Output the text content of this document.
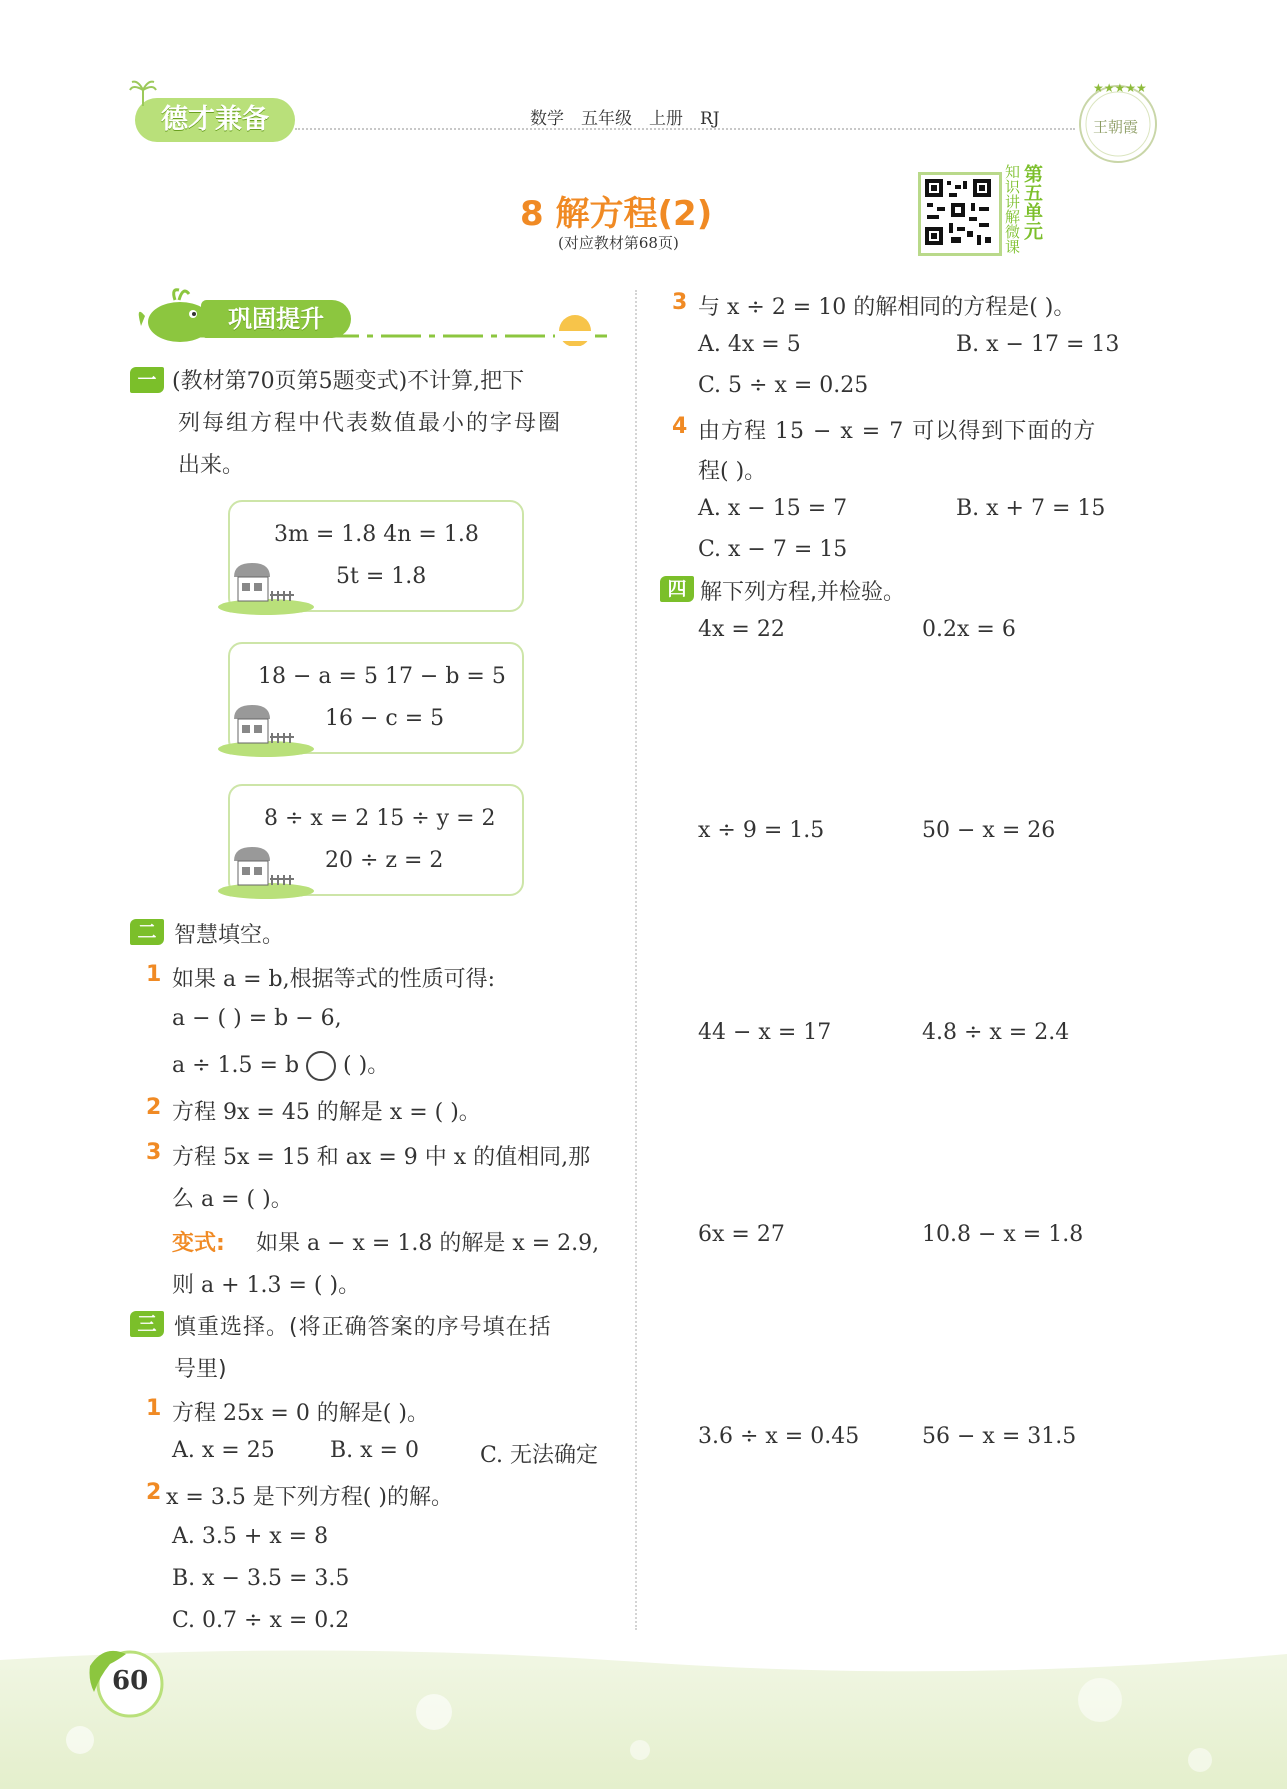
德才兼备	数学　五年级　上册　RJ
★★★★★
王朝霞
8 解方程(2)
(对应教材第68页)	知识讲解微课 第五单元
巩固提升
一 (教材第70页第5题变式)不计算,把下
列每组方程中代表数值最小的字母圈
出来。
3m = 1.8 4n = 1.8
5t = 1.8
18 − a = 5 17 − b = 5
16 − c = 5
8 ÷ x = 2 15 ÷ y = 2
20 ÷ z = 2
二 智慧填空。
1 如果 a = b,根据等式的性质可得:
a − ( ) = b − 6,
a ÷ 1.5 = b ( )。
2 方程 9x = 45 的解是 x = ( )。
3 方程 5x = 15 和 ax = 9 中 x 的值相同,那
么 a = ( )。
变式: 如果 a − x = 1.8 的解是 x = 2.9,
则 a + 1.3 = ( )。
三 慎重选择。(将正确答案的序号填在括
号里)
1 方程 25x = 0 的解是( )。
A. x = 25	B. x = 0	C. 无法确定
2 x = 3.5 是下列方程( )的解。
A. 3.5 + x = 8
B. x − 3.5 = 3.5
C. 0.7 ÷ x = 0.2
3 与 x ÷ 2 = 10 的解相同的方程是( )。
A. 4x = 5	B. x − 17 = 13
C. 5 ÷ x = 0.25
4 由方程 15 − x = 7 可以得到下面的方
程( )。
A. x − 15 = 7	B. x + 7 = 15
C. x − 7 = 15
四 解下列方程,并检验。
4x = 22	0.2x = 6
x ÷ 9 = 1.5	50 − x = 26
44 − x = 17	4.8 ÷ x = 2.4
6x = 27	10.8 − x = 1.8
3.6 ÷ x = 0.45	56 − x = 31.5
60
